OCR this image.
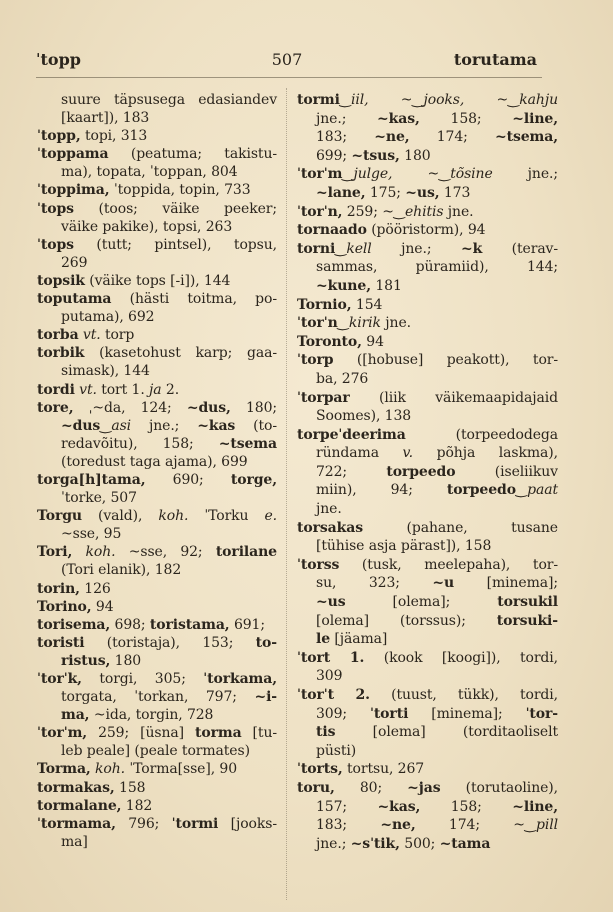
ˈtopp	507	torutama
suure täpsusega edasiandev
[kaart]), 183
ˈtopp, topi, 313
ˈtoppama (peatuma; takistu-
ma), topata, ˈtoppan, 804
ˈtoppima, ˈtoppida, topin, 733
ˈtops (toos; väike peeker;
väike pakike), topsi, 263
ˈtops (tutt; pintsel), topsu,
269
topsik (väike tops [-i]), 144
toputama (hästi toitma, po-
putama), 692
torba vt. torp
torbik (kasetohust karp; gaa-
simask), 144
tordi vt. tort 1. ja 2.
tore, ˌ~da, 124; ~dus, 180;
~dus‿asi jne.; ~kas (to-
redavõitu), 158; ~tsema
(toredust taga ajama), 699
torga[h]tama, 690; torge,
ˈtorke, 507
Torgu (vald), koh. ˈTorku e.
~sse, 95
Tori, koh. ~sse, 92; torilane
(Tori elanik), 182
torin, 126
Torino, 94
torisema, 698; toristama, 691;
toristi (toristaja), 153; to-
ristus, 180
ˈtorˈk, torgi, 305; ˈtorkama,
torgata, ˈtorkan, 797; ~i-
ma, ~ida, torgin, 728
ˈtorˈm, 259; [üsna] torma [tu-
leb peale] (peale tormates)
Torma, koh. ˈTorma[sse], 90
tormakas, 158
tormalane, 182
ˈtormama, 796; ˈtormi [jooks-
ma]
tormi‿iil, ~‿jooks, ~‿kahju
jne.; ~kas, 158; ~line,
183; ~ne, 174; ~tsema,
699; ~tsus, 180
ˈtorˈm‿julge,	~‿tõsine jne.;
~lane, 175; ~us, 173
ˈtorˈn, 259; ~‿ehitis jne.
tornaado (pööristorm), 94
torni‿kell jne.; ~k (terav-
sammas, püramiid), 144;
~kune, 181
Tornio, 154
ˈtorˈn‿kirik jne.
Toronto, 94
ˈtorp ([hobuse] peakott), tor-
ba, 276
ˈtorpar (liik väikemaapidajaid
Soomes), 138
torpeˈdeerima (torpeedodega
ründama v. põhja laskma),
722; torpeedo (iseliikuv
miin), 94; torpeedo‿paat
jne.
torsakas (pahane, tusane
[tühise asja pärast]), 158
ˈtorss (tusk, meelepaha), tor-
su, 323; ~u [minema];
~us [olema]; torsukil
[olema] (torssus); torsuki-
le [jäama]
ˈtort 1. (kook [koogi]), tordi,
309
ˈtorˈt 2. (tuust, tükk), tordi,
309; ˈtorti [minema]; ˈtor-
tis [olema] (torditaoliselt
püsti)
ˈtorts, tortsu, 267
toru, 80; ~jas (torutaoline),
157; ~kas, 158; ~line,
183; ~ne, 174; ~‿pill
jne.; ~sˈtik, 500; ~tama
